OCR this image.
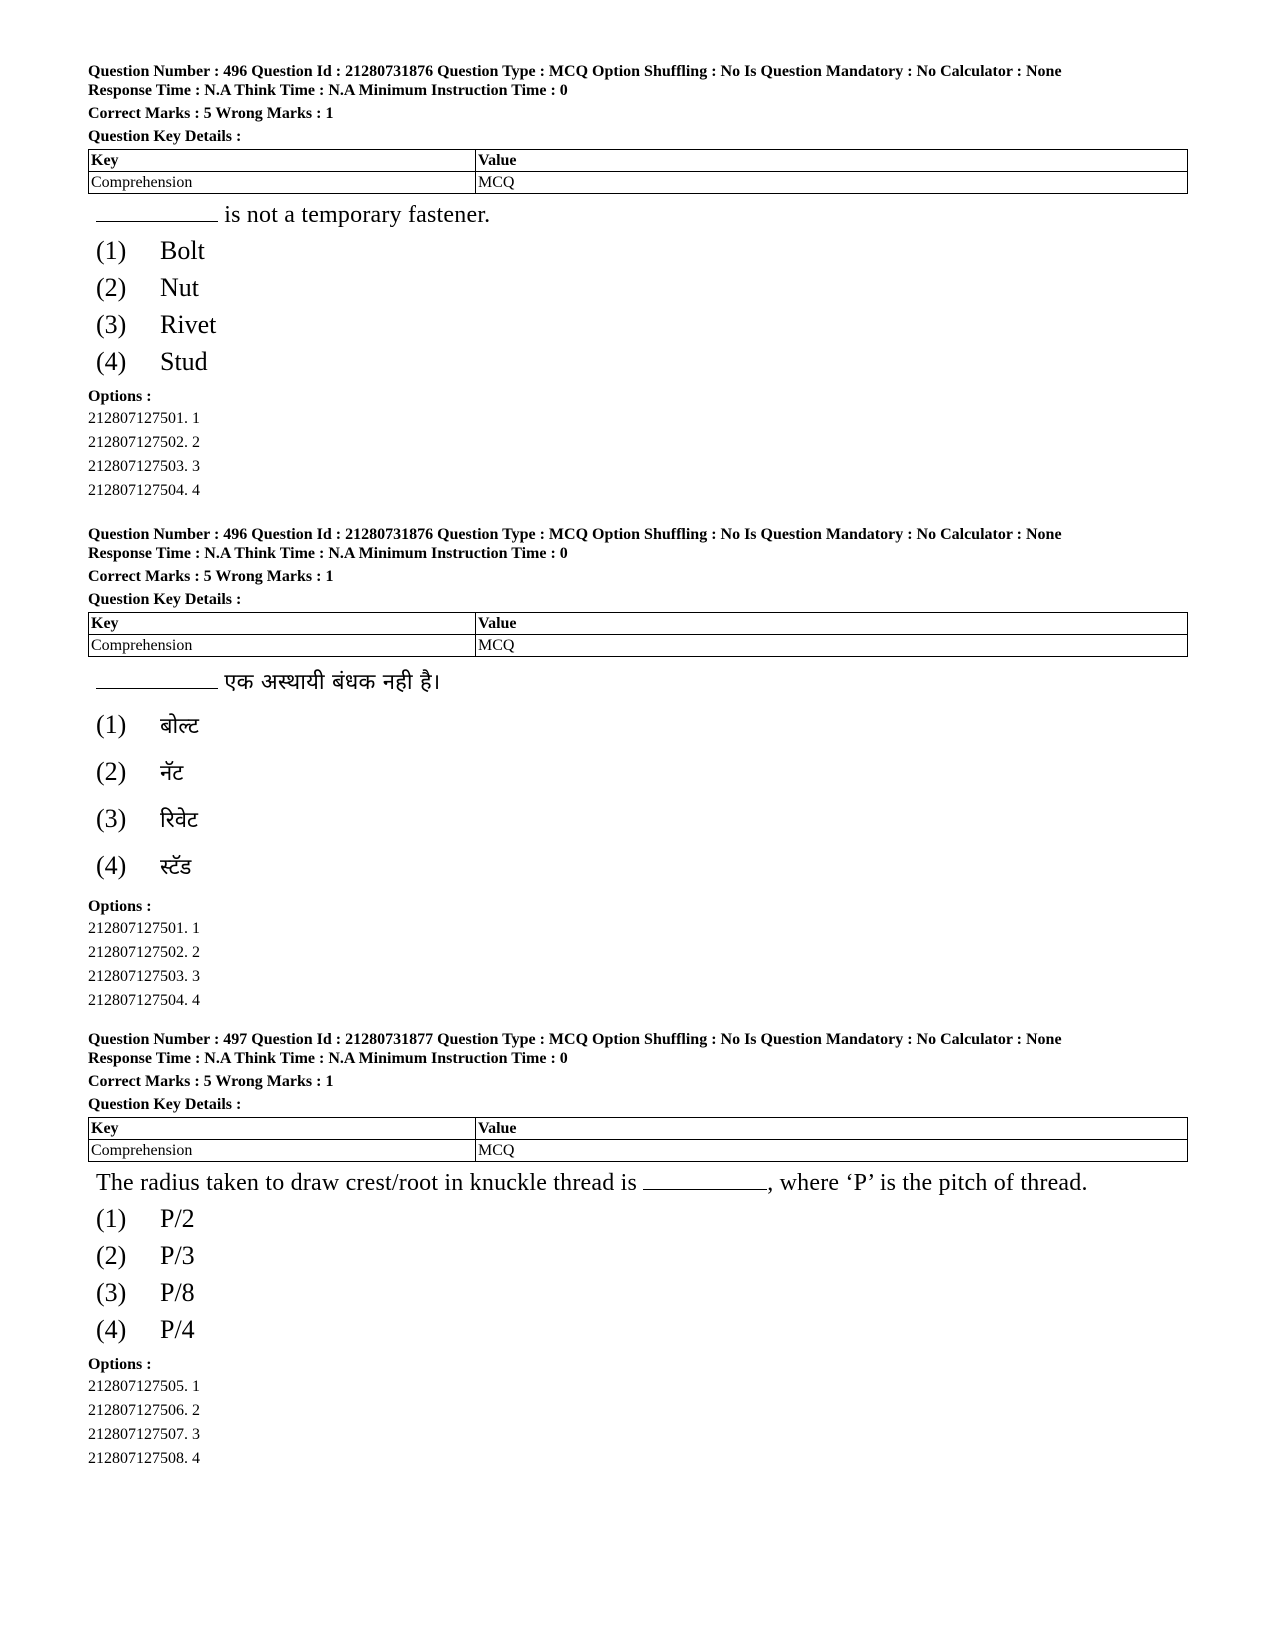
Question Number : 496 Question Id : 21280731876 Question Type : MCQ Option Shuffling : No Is Question Mandatory : No Calculator : None

Response Time : N.A Think Time : N.A Minimum Instruction Time : 0

Correct Marks : 5 Wrong Marks : 1

Question Key Details :

Key	Value
Comprehension	MCQ
is not a temporary fastener.
(1) Bolt
(2) Nut
(3) Rivet
(4) Stud
Options :
212807127501. 1
212807127502. 2
212807127503. 3
212807127504. 4

Question Number : 496 Question Id : 21280731876 Question Type : MCQ Option Shuffling : No Is Question Mandatory : No Calculator : None

Response Time : N.A Think Time : N.A Minimum Instruction Time : 0

Correct Marks : 5 Wrong Marks : 1

Question Key Details :

Key	Value
Comprehension	MCQ
एक अस्थायी बंधक नही है।
(1) बोल्ट
(2) नॅट
(3) रिवेट
(4) स्टॅड
Options :
212807127501. 1
212807127502. 2
212807127503. 3
212807127504. 4

Question Number : 497 Question Id : 21280731877 Question Type : MCQ Option Shuffling : No Is Question Mandatory : No Calculator : None

Response Time : N.A Think Time : N.A Minimum Instruction Time : 0

Correct Marks : 5 Wrong Marks : 1

Question Key Details :

Key	Value
Comprehension	MCQ
The radius taken to draw crest/root in knuckle thread is	, where ‘P’ is the pitch of thread.
(1) P/2
(2) P/3
(3) P/8
(4) P/4
Options :
212807127505. 1
212807127506. 2
212807127507. 3
212807127508. 4
